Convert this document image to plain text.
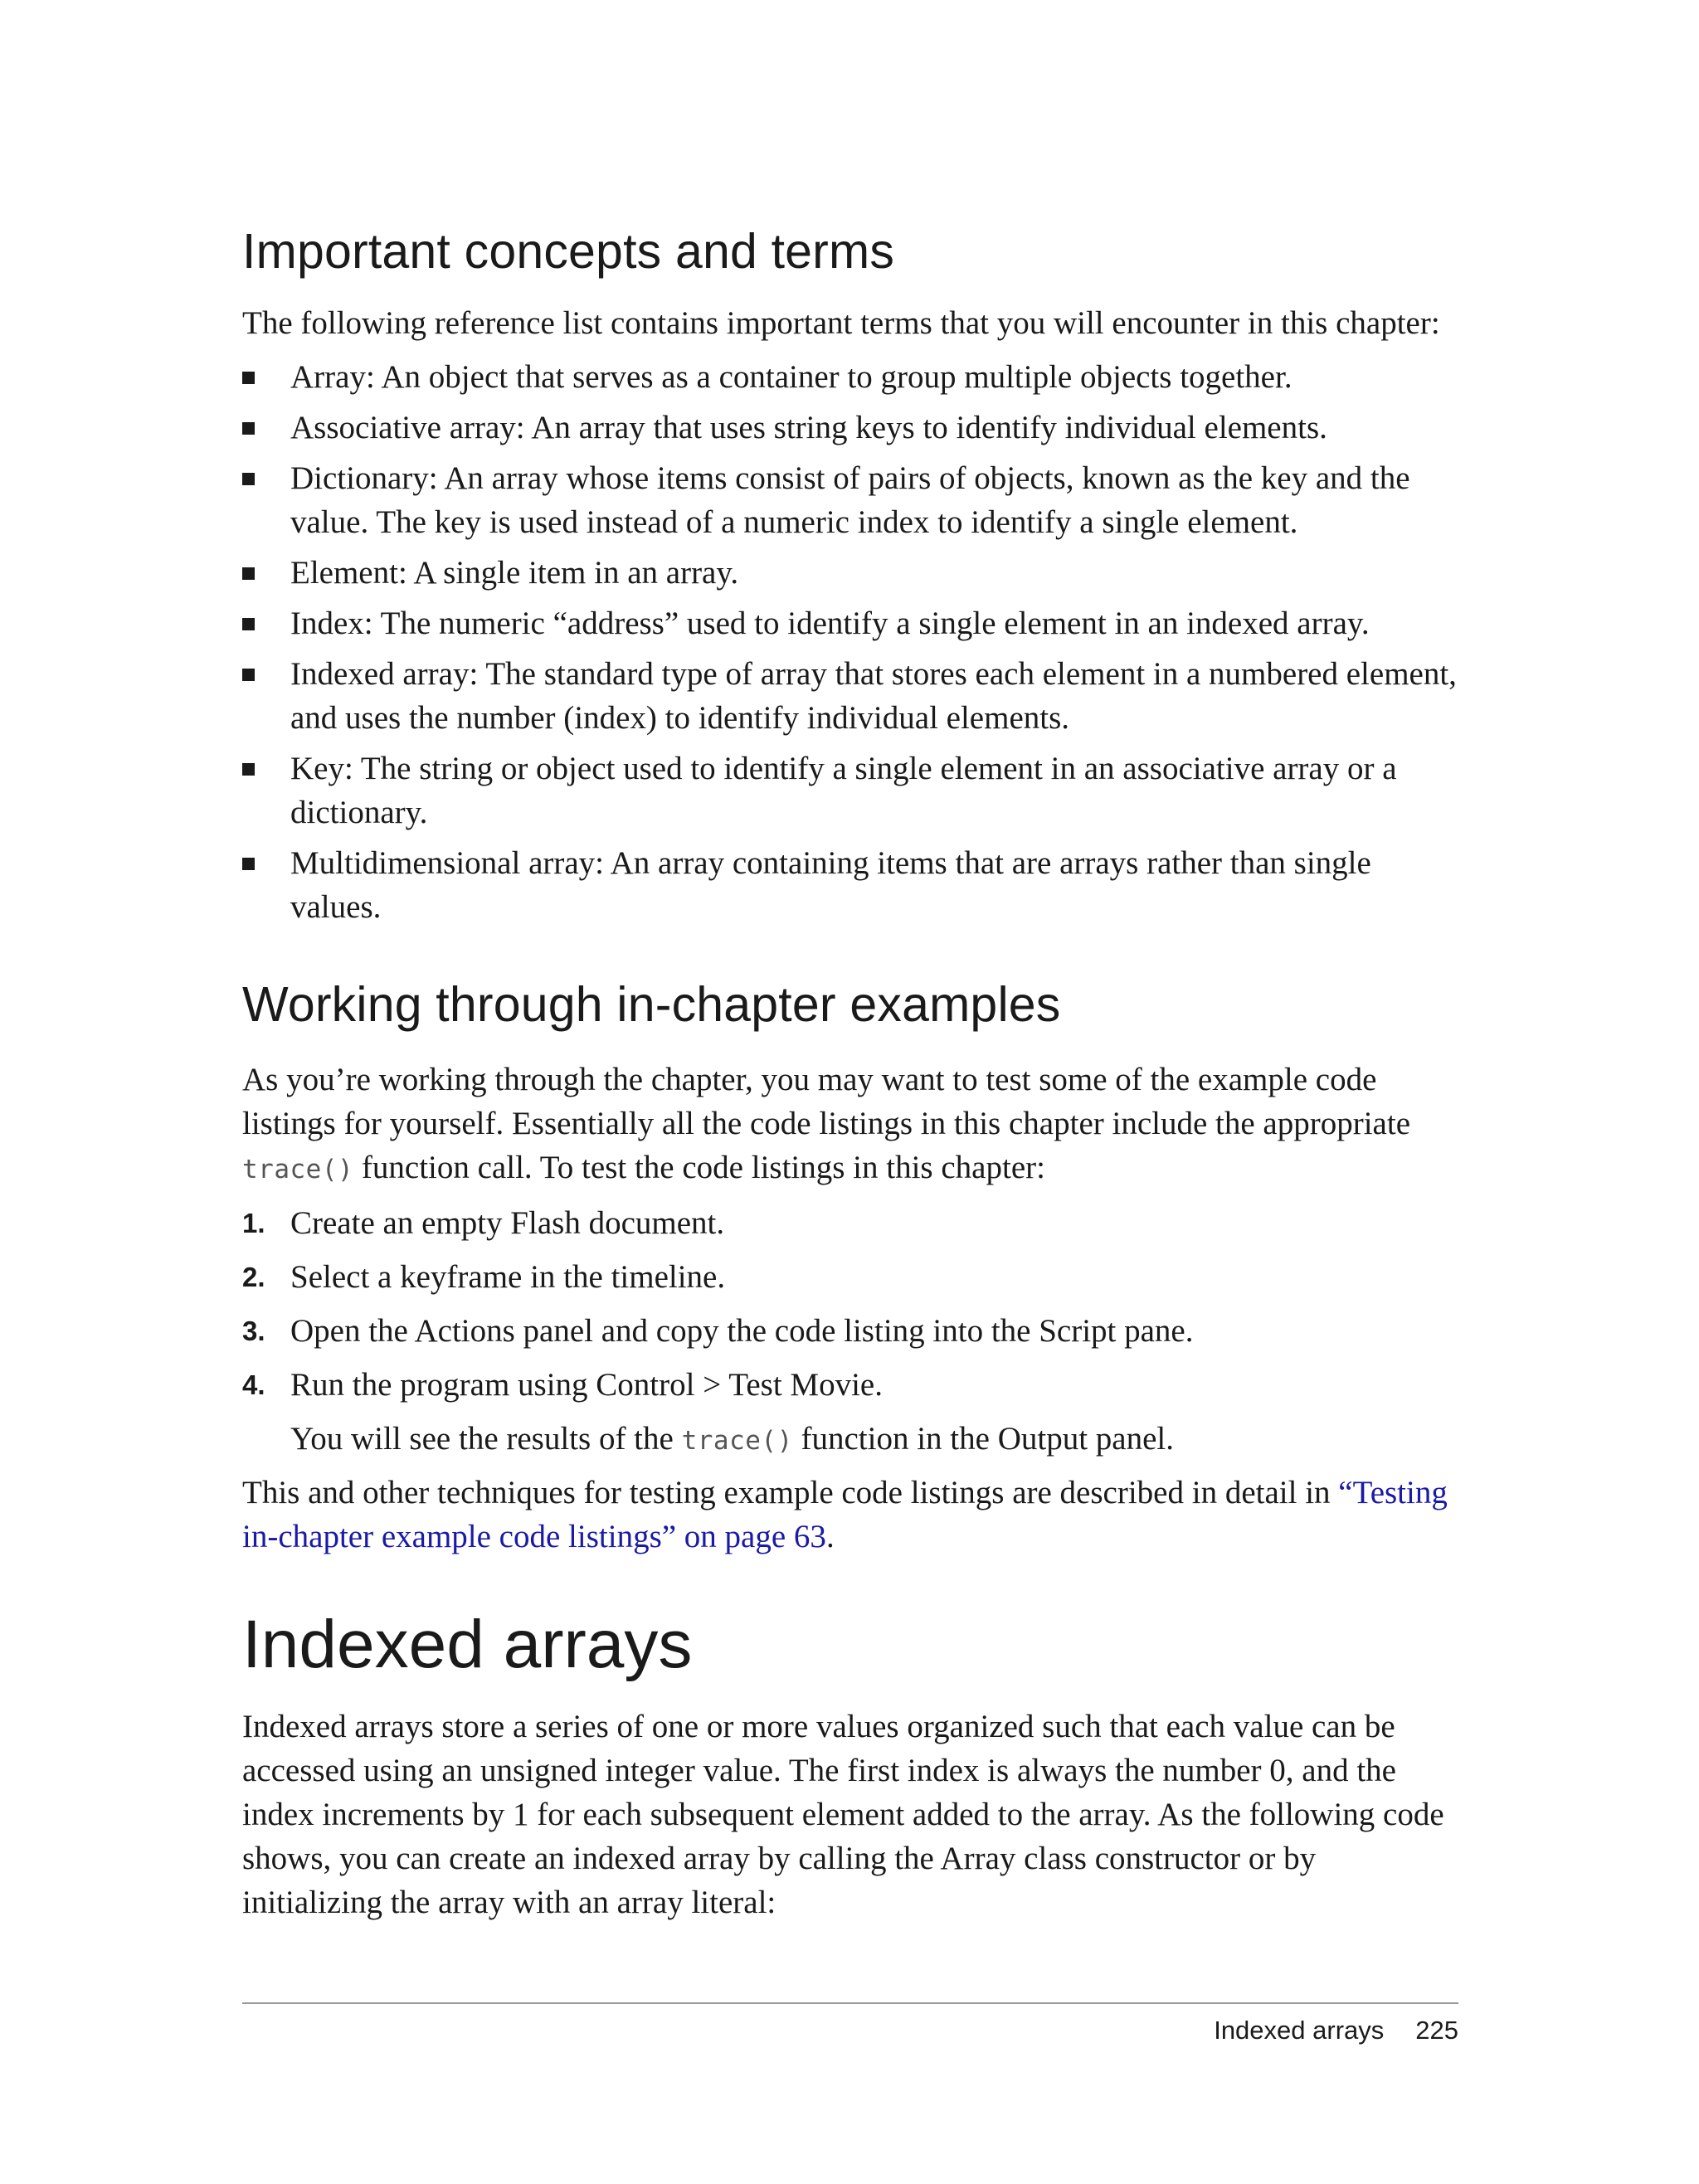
Important concepts and terms

The following reference list contains important terms that you will encounter in this chapter:

Array: An object that serves as a container to group multiple objects together.
Associative array: An array that uses string keys to identify individual elements.
Dictionary: An array whose items consist of pairs of objects, known as the key and the value. The key is used instead of a numeric index to identify a single element.
Element: A single item in an array.
Index: The numeric “address” used to identify a single element in an indexed array.
Indexed array: The standard type of array that stores each element in a numbered element, and uses the number (index) to identify individual elements.
Key: The string or object used to identify a single element in an associative array or a dictionary.
Multidimensional array: An array containing items that are arrays rather than single values.
Working through in-chapter examples

As you’re working through the chapter, you may want to test some of the example code listings for yourself. Essentially all the code listings in this chapter include the appropriate trace() function call. To test the code listings in this chapter:

1. Create an empty Flash document.
2. Select a keyframe in the timeline.
3. Open the Actions panel and copy the code listing into the Script pane.
4. Run the program using Control > Test Movie.

You will see the results of the trace() function in the Output panel.

This and other techniques for testing example code listings are described in detail in “Testing in-chapter example code listings” on page 63.

Indexed arrays

Indexed arrays store a series of one or more values organized such that each value can be accessed using an unsigned integer value. The first index is always the number 0, and the index increments by 1 for each subsequent element added to the array. As the following code shows, you can create an indexed array by calling the Array class constructor or by initializing the array with an array literal:

Indexed arrays 225
